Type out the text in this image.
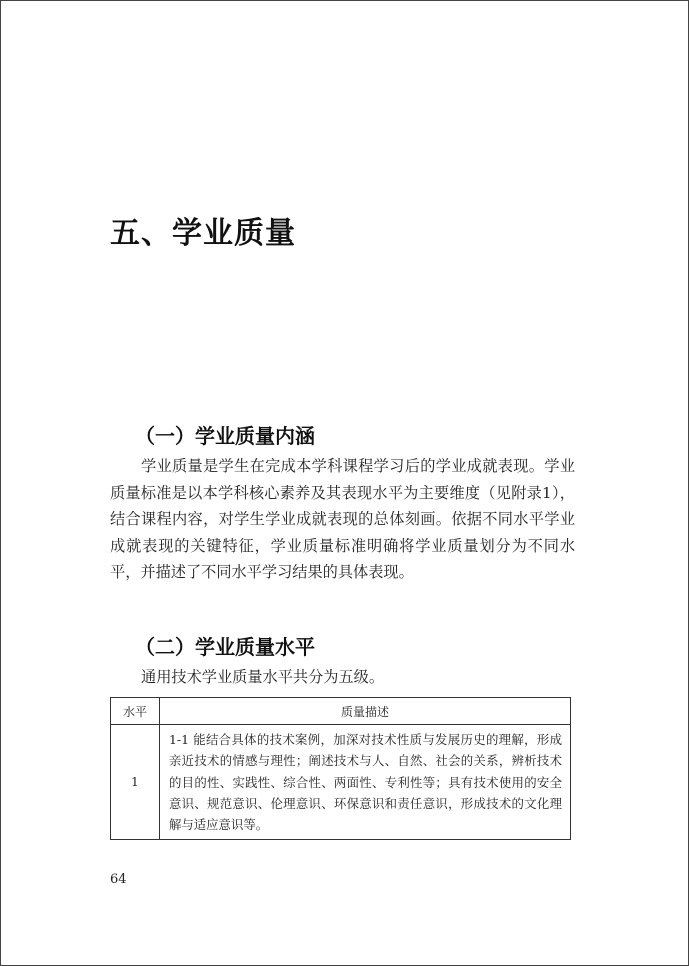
五、学业质量
（一）学业质量内涵
学业质量是学生在完成本学科课程学习后的学业成就表现。学业质量标准是以本学科核心素养及其表现水平为主要维度（见附录1），结合课程内容，对学生学业成就表现的总体刻画。依据不同水平学业成就表现的关键特征，学业质量标准明确将学业质量划分为不同水平，并描述了不同水平学习结果的具体表现。
（二）学业质量水平
通用技术学业质量水平共分为五级。
水平	质量描述
1	1-1 能结合具体的技术案例，加深对技术性质与发展历史的理解，形成亲近技术的情感与理性；阐述技术与人、自然、社会的关系，辨析技术的目的性、实践性、综合性、两面性、专利性等；具有技术使用的安全意识、规范意识、伦理意识、环保意识和责任意识，形成技术的文化理解与适应意识等。
64
